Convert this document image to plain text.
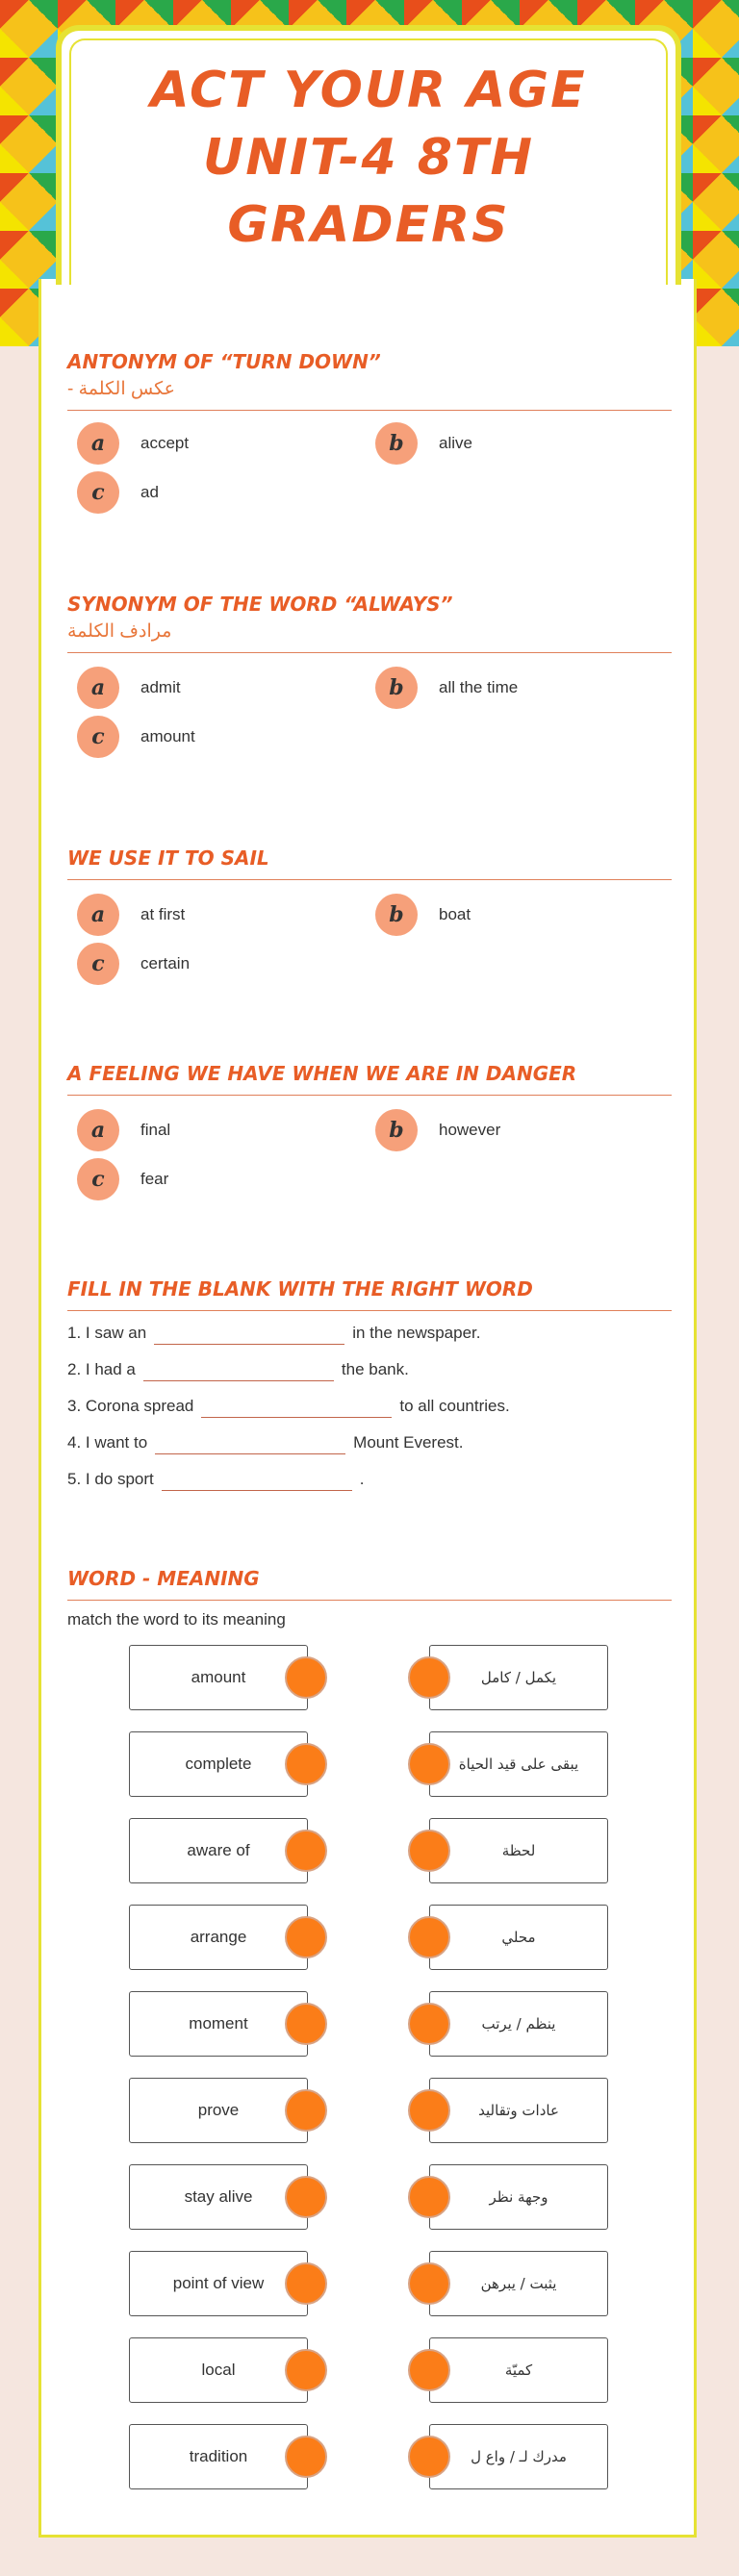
ACT YOUR AGE UNIT-4 8TH GRADERS

ANTONYM OF “TURN DOWN”

عكس الكلمة -

a	accept	b	alive
c	ad

SYNONYM OF THE WORD “ALWAYS”

مرادف الكلمة

a	admit	b	all the time
c	amount

WE USE IT TO SAIL

a	at first	b	boat
c	certain

A FEELING WE HAVE WHEN WE ARE IN DANGER

a	final	b	however
c	fear

FILL IN THE BLANK WITH THE RIGHT WORD

1. I saw an	in the newspaper.
2. I had a	the bank.
3. Corona spread	to all countries.
4. I want to	Mount Everest.
5. I do sport	.

WORD - MEANING

match the word to its meaning
amount	يكمل / كامل
complete	يبقى على قيد الحياة
aware of	لحظة
arrange	محلي
moment	ينظم / يرتب
prove	عادات وتقاليد
stay alive	وجهة نظر
point of view	يثبت / يبرهن
local	كميّة
tradition	مدرك لـ / واع ل
